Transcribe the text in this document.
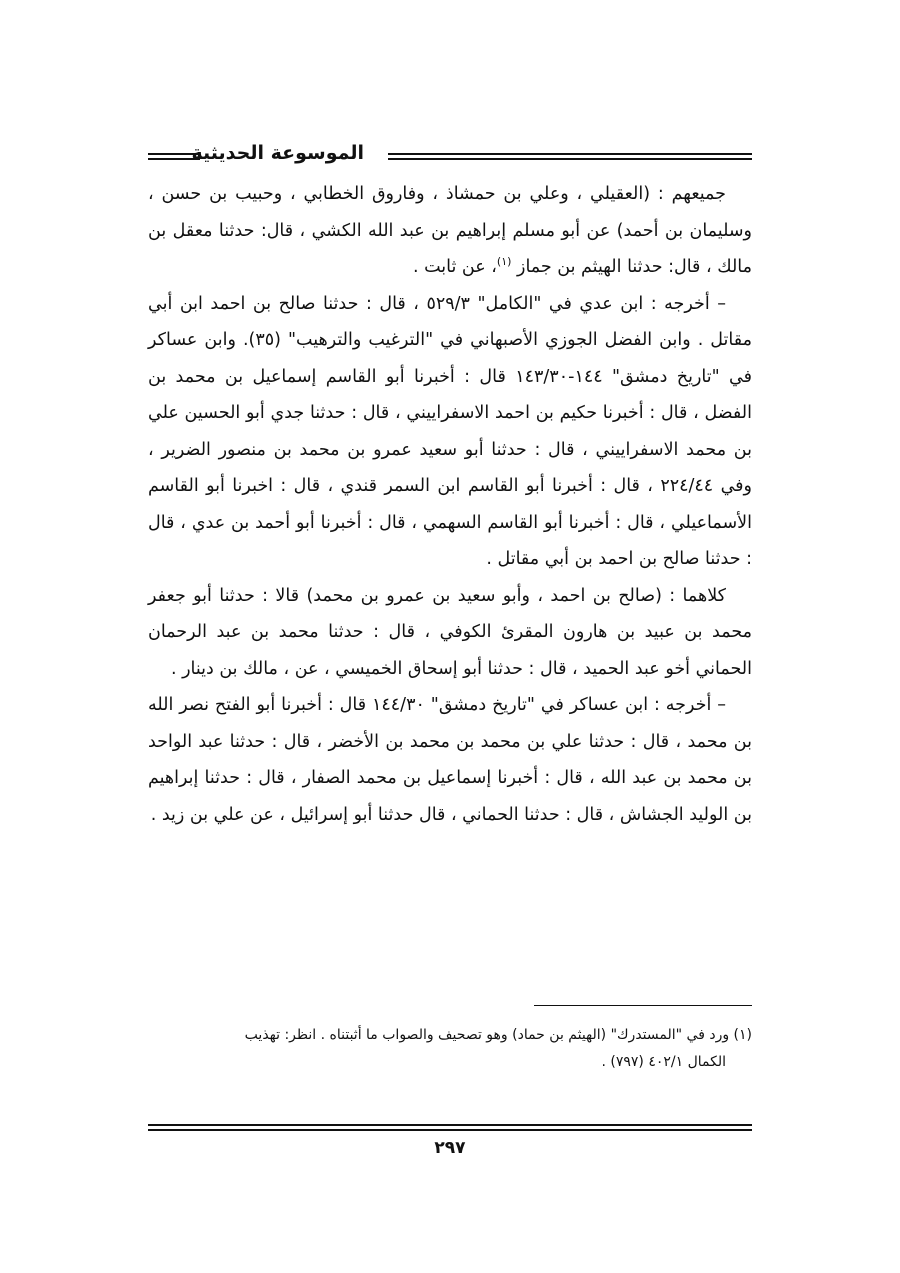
الموسوعة الحديثية

جميعهم : (العقيلي ، وعلي بن حمشاذ ، وفاروق الخطابي ، وحبيب بن حسن ، وسليمان بن أحمد) عن أبو مسلم إبراهيم بن عبد الله الكشي ، قال: حدثنا معقل بن مالك ، قال: حدثنا الهيثم بن جماز $^{(١)}$، عن ثابت .

– أخرجه : ابن عدي في "الكامل" ٥٢٩/٣ ، قال : حدثنا صالح بن احمد ابن أبي مقاتل . وابن الفضل الجوزي الأصبهاني في "الترغيب والترهيب" (٣٥). وابن عساكر في "تاريخ دمشق" ١٤٤-١٤٣/٣٠ قال : أخبرنا أبو القاسم إسماعيل بن محمد بن الفضل ، قال : أخبرنا حكيم بن احمد الاسفراييني ، قال : حدثنا جدي أبو الحسين علي بن محمد الاسفراييني ، قال : حدثنا أبو سعيد عمرو بن محمد بن منصور الضرير ، وفي ٢٢٤/٤٤ ، قال : أخبرنا أبو القاسم ابن السمر قندي ، قال : اخبرنا أبو القاسم الأسماعيلي ، قال : أخبرنا أبو القاسم السهمي ، قال : أخبرنا أبو أحمد بن عدي ، قال : حدثنا صالح بن احمد بن أبي مقاتل .

كلاهما : (صالح بن احمد ، وأبو سعيد بن عمرو بن محمد) قالا : حدثنا أبو جعفر محمد بن عبيد بن هارون المقرئ الكوفي ، قال : حدثنا محمد بن عبد الرحمان الحماني أخو عبد الحميد ، قال : حدثنا أبو إسحاق الخميسي ، عن ، مالك بن دينار .

– أخرجه : ابن عساكر في "تاريخ دمشق" ١٤٤/٣٠ قال : أخبرنا أبو الفتح نصر الله بن محمد ، قال : حدثنا علي بن محمد بن محمد بن الأخضر ، قال : حدثنا عبد الواحد بن محمد بن عبد الله ، قال : أخبرنا إسماعيل بن محمد الصفار ، قال : حدثنا إبراهيم بن الوليد الجشاش ، قال : حدثنا الحماني ، قال حدثنا أبو إسرائيل ، عن علي بن زيد .

(١) ورد في "المستدرك" (الهيثم بن حماد) وهو تصحيف والصواب ما أثبتناه . انظر: تهذيب
الكمال ٤٠٢/١ (٧٩٧) .
٢٩٧
